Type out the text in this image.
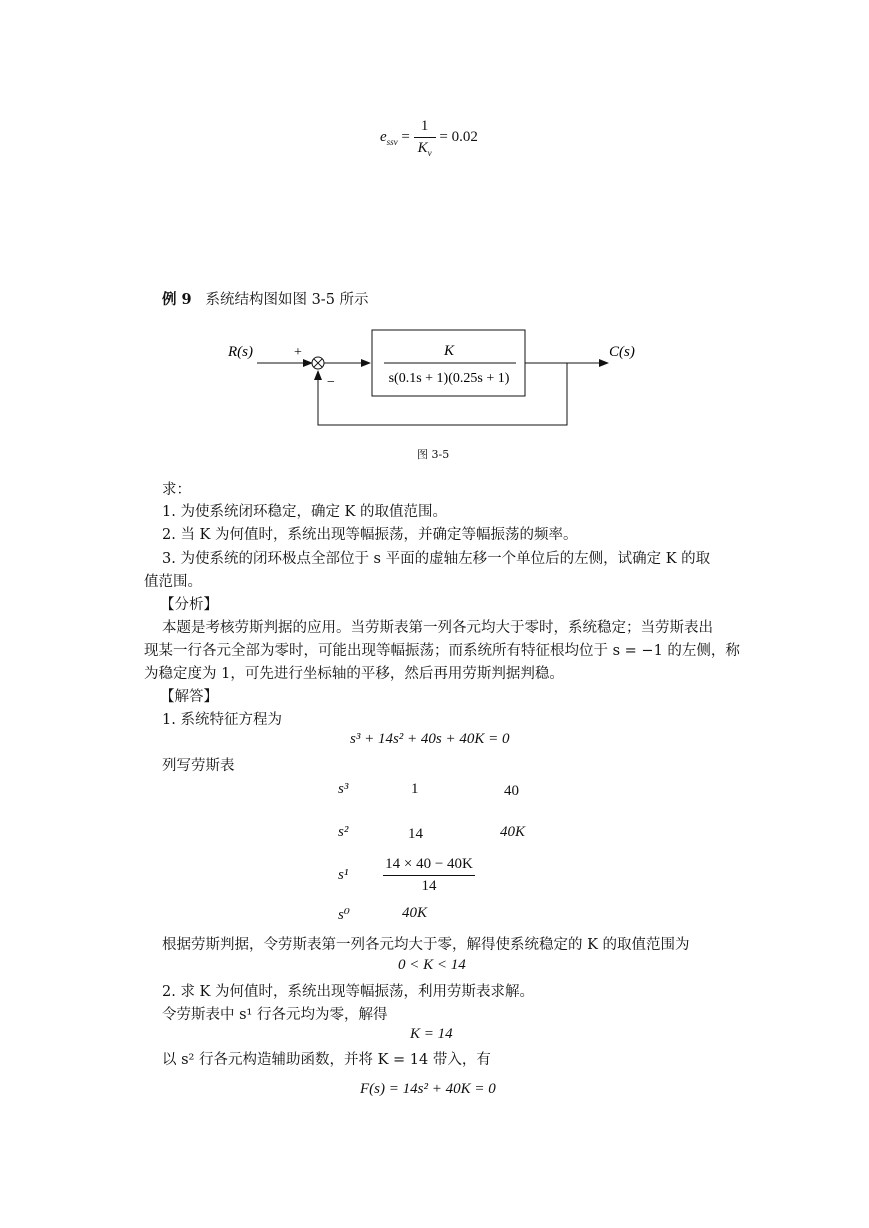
$e_{ssv} = \frac{1}{K_v} = 0.02$
例 9 系统结构图如图 3-5 所示
R(s)	+
−
K
s(0.1s + 1)(0.25s + 1)
C(s)
图 3-5
求：
1. 为使系统闭环稳定，确定 K 的取值范围。
2. 当 K 为何值时，系统出现等幅振荡，并确定等幅振荡的频率。
3. 为使系统的闭环极点全部位于 s 平面的虚轴左移一个单位后的左侧，试确定 K 的取
值范围。
【分析】
本题是考核劳斯判据的应用。当劳斯表第一列各元均大于零时，系统稳定；当劳斯表出
现某一行各元全部为零时，可能出现等幅振荡；而系统所有特征根均位于 s = −1 的左侧，称
为稳定度为 1，可先进行坐标轴的平移，然后再用劳斯判据判稳。
【解答】
1. 系统特征方程为
s³ + 14s² + 40s + 40K = 0
列写劳斯表
s³	1	40
s²	14	40K
$s^1 \frac{14 \times 40 - 40K}{14}$
s⁰	40K
根据劳斯判据，令劳斯表第一列各元均大于零，解得使系统稳定的 K 的取值范围为
0 < K < 14
2. 求 K 为何值时，系统出现等幅振荡，利用劳斯表求解。
令劳斯表中 s¹ 行各元均为零，解得
K = 14
以 s² 行各元构造辅助函数，并将 K = 14 带入，有
F(s) = 14s² + 40K = 0
